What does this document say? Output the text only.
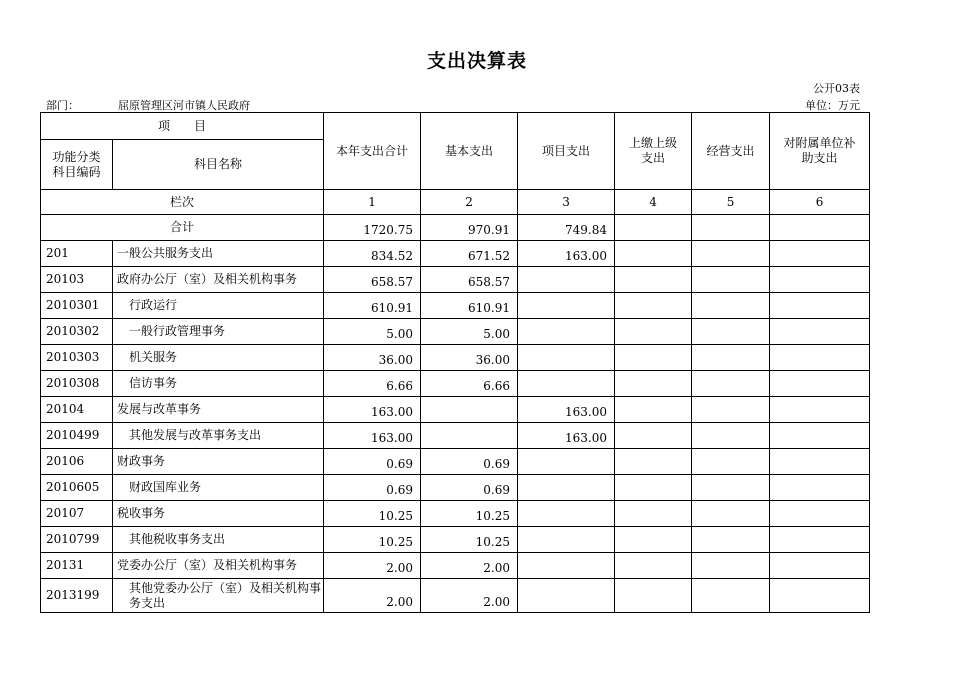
支出决算表
公开03表
部门：	屈原管理区河市镇人民政府	单位：万元
项　　目		本年支出合计	基本支出	项目支出	上缴上级支出	经营支出	对附属单位补助支出
功能分类科目编码	科目名称						
栏次		1	2	3	4	5	6
合计		1720.75	970.91	749.84			
201	一般公共服务支出	834.52	671.52	163.00			
20103	政府办公厅（室）及相关机构事务	658.57	658.57				
2010301	行政运行	610.91	610.91				
2010302	一般行政管理事务	5.00	5.00				
2010303	机关服务	36.00	36.00				
2010308	信访事务	6.66	6.66				
20104	发展与改革事务	163.00		163.00			
2010499	其他发展与改革事务支出	163.00		163.00			
20106	财政事务	0.69	0.69				
2010605	财政国库业务	0.69	0.69				
20107	税收事务	10.25	10.25				
2010799	其他税收事务支出	10.25	10.25				
20131	党委办公厅（室）及相关机构事务	2.00	2.00				
2013199	其他党委办公厅（室）及相关机构事务支出	2.00	2.00				
